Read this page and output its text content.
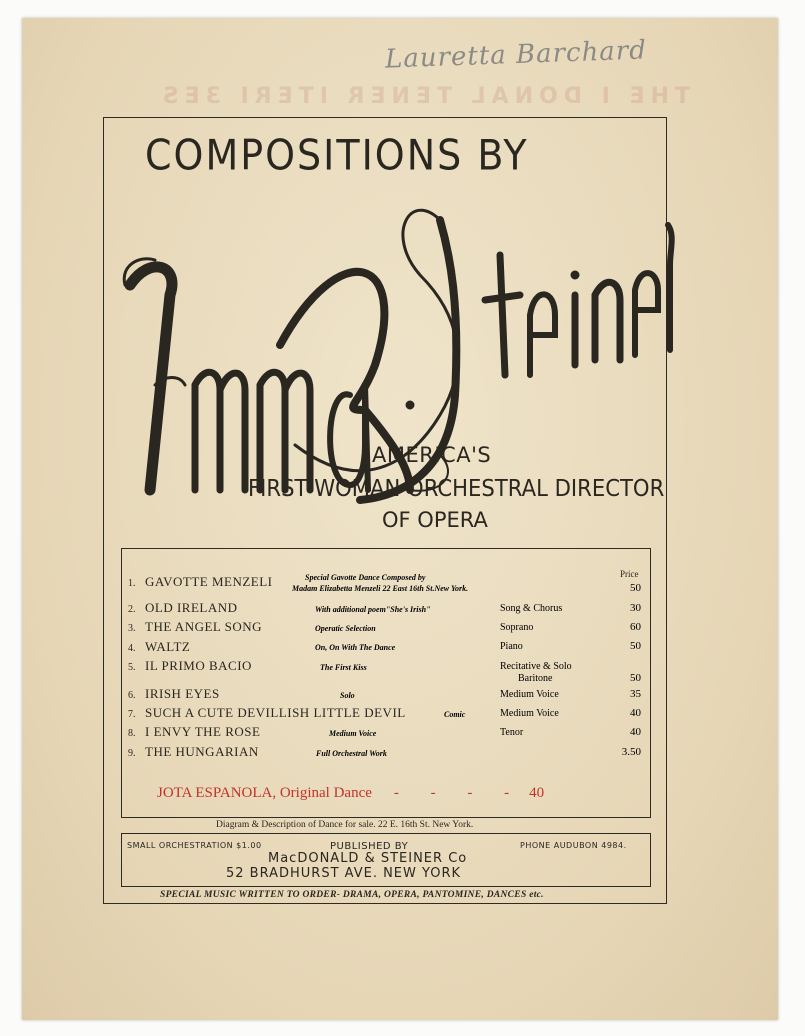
THE I DONAL TENER ITERI 3ES
Lauretta Barchard
COMPOSITIONS BY
AMERICA'S
FIRST WOMAN ORCHESTRAL DIRECTOR
OF OPERA
Price
1. GAVOTTE MENZELI	Special Gavotte Dance Composed by
Madam Elizabetta Menzeli 22 East 16th St.New York.	50
2. OLD IRELAND	With additional poem"She's Irish"	Song & Chorus	30
3. THE ANGEL SONG	Operatic Selection	Soprano	60
4. WALTZ	On, On With The Dance	Piano	50
5. IL PRIMO BACIO	The First Kiss	Recitative & Solo
Baritone	50
6. IRISH EYES	Solo	Medium Voice	35
7. SUCH A CUTE DEVILLISH LITTLE DEVIL	Comic	Medium Voice	40
8. I ENVY THE ROSE	Medium Voice	Tenor	40
9. THE HUNGARIAN	Full Orchestral Work	3.50
JOTA ESPANOLA, Original Dance - - - - 40
Diagram & Description of Dance for sale. 22 E. 16th St. New York.
SMALL ORCHESTRATION $1.00	PUBLISHED BY	PHONE AUDUBON 4984.
MacDONALD & STEINER Co
52 BRADHURST AVE. NEW YORK
SPECIAL MUSIC WRITTEN TO ORDER- DRAMA, OPERA, PANTOMINE, DANCES etc.
